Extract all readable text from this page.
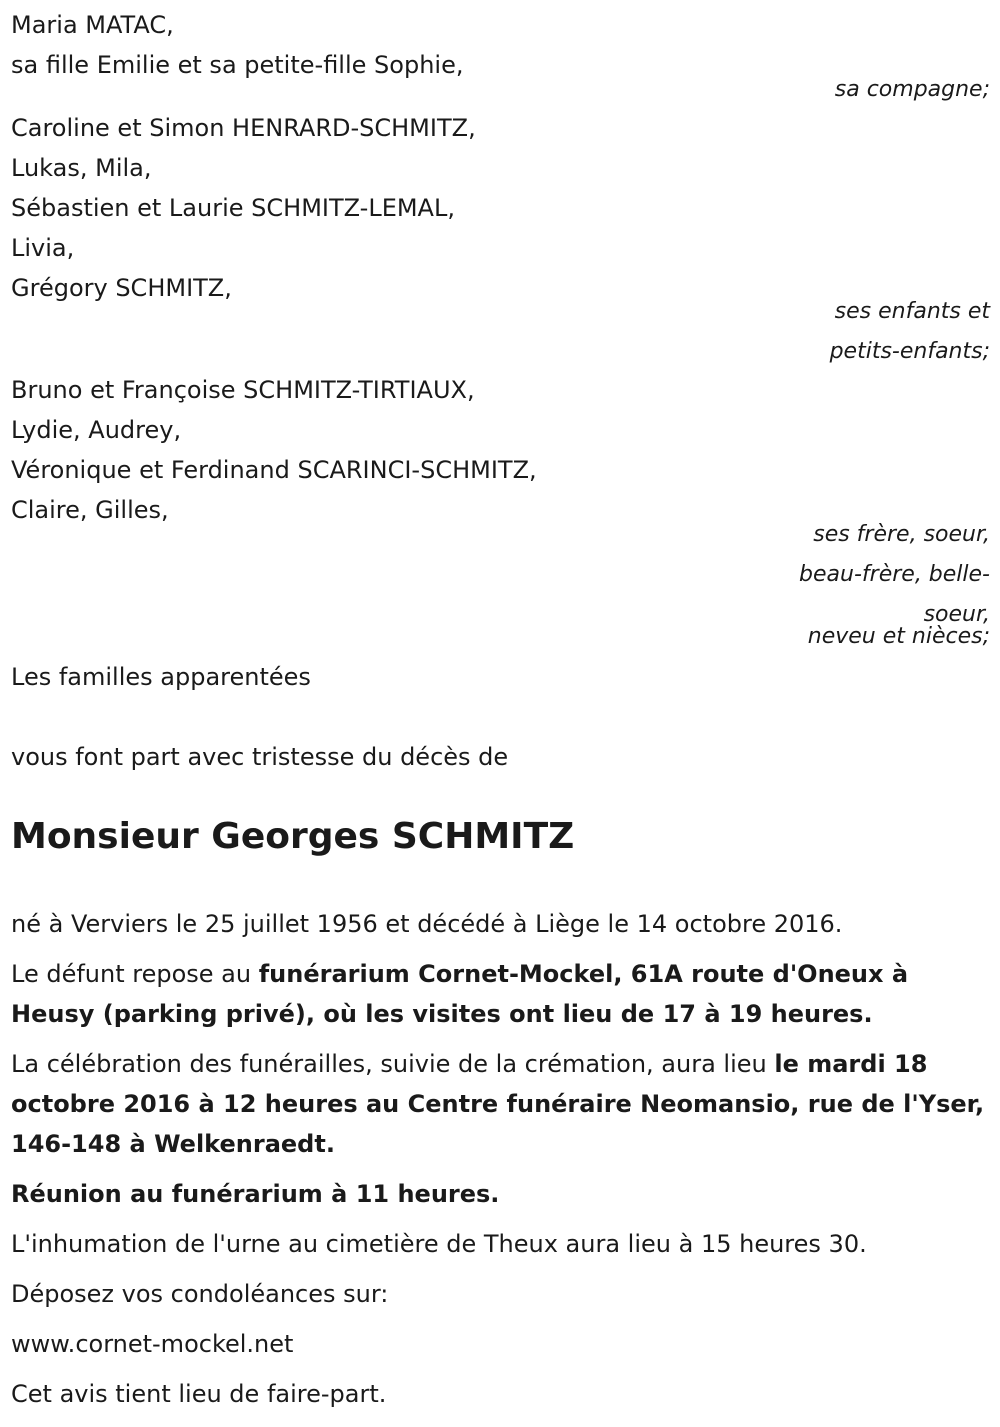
Maria MATAC,
sa fille Emilie et sa petite-fille Sophie,
sa compagne;
Caroline et Simon HENRARD-SCHMITZ,
Lukas, Mila,
Sébastien et Laurie SCHMITZ-LEMAL,
Livia,
Grégory SCHMITZ,
ses enfants et
petits-enfants;
Bruno et Françoise SCHMITZ-TIRTIAUX,
Lydie, Audrey,
Véronique et Ferdinand SCARINCI-SCHMITZ,
Claire, Gilles,
ses frère, soeur,
beau-frère, belle-
soeur,
neveu et nièces;
Les familles apparentées
vous font part avec tristesse du décès de
Monsieur Georges SCHMITZ
né à Verviers le 25 juillet 1956 et décédé à Liège le 14 octobre 2016.
Le défunt repose au funérarium Cornet-Mockel, 61A route d'Oneux à Heusy (parking privé), où les visites ont lieu de 17 à 19 heures.
La célébration des funérailles, suivie de la crémation, aura lieu le mardi 18 octobre 2016 à 12 heures au Centre funéraire Neomansio, rue de l'Yser, 146-148 à Welkenraedt.
Réunion au funérarium à 11 heures.
L'inhumation de l'urne au cimetière de Theux aura lieu à 15 heures 30.
Déposez vos condoléances sur:
www.cornet-mockel.net
Cet avis tient lieu de faire-part.
